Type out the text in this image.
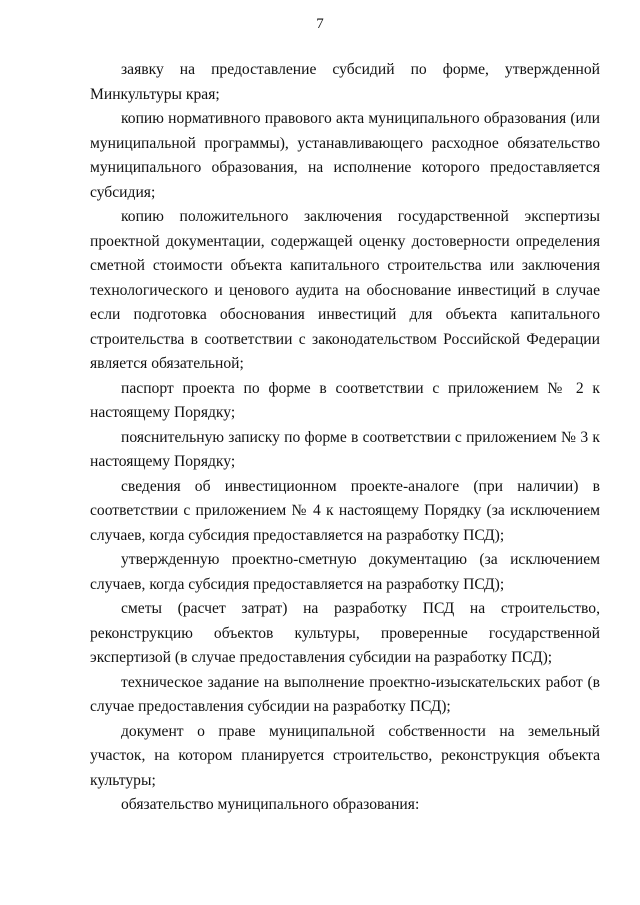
7

заявку на предоставление субсидий по форме, утвержденной Минкультуры края;

копию нормативного правового акта муниципального образования (или муниципальной программы), устанавливающего расходное обязательство муниципального образования, на исполнение которого предоставляется субсидия;

копию положительного заключения государственной экспертизы проектной документации, содержащей оценку достоверности определения сметной стоимости объекта капитального строительства или заключения технологического и ценового аудита на обоснование инвестиций в случае если подготовка обоснования инвестиций для объекта капитального строительства в соответствии с законодательством Российской Федерации является обязательной;

паспорт проекта по форме в соответствии с приложением № 2 к настоящему Порядку;

пояснительную записку по форме в соответствии с приложением № 3 к настоящему Порядку;

сведения об инвестиционном проекте-аналоге (при наличии) в соответствии с приложением № 4 к настоящему Порядку (за исключением случаев, когда субсидия предоставляется на разработку ПСД);

утвержденную проектно-сметную документацию (за исключением случаев, когда субсидия предоставляется на разработку ПСД);

сметы (расчет затрат) на разработку ПСД на строительство, реконструкцию объектов культуры, проверенные государственной экспертизой (в случае предоставления субсидии на разработку ПСД);

техническое задание на выполнение проектно-изыскательских работ (в случае предоставления субсидии на разработку ПСД);

документ о праве муниципальной собственности на земельный участок, на котором планируется строительство, реконструкция объекта культуры;

обязательство муниципального образования:
